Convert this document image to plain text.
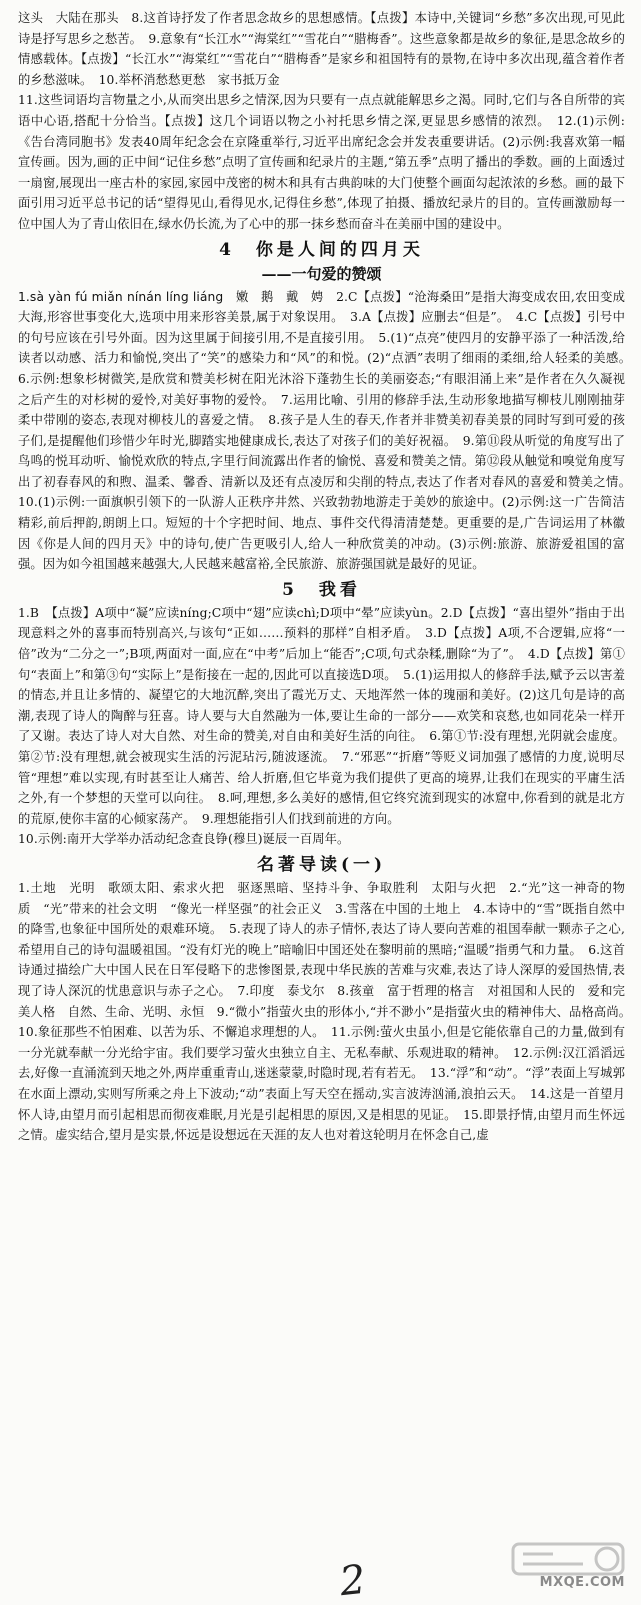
这头　大陆在那头　8.这首诗抒发了作者思念故乡的思想感情。【点拨】本诗中,关键词“乡愁”多次出现,可见此诗是抒写思乡之愁苦。　9.意象有“长江水”“海棠红”“雪花白”“腊梅香”。这些意象都是故乡的象征,是思念故乡的情感载体。【点拨】“长江水”“海棠红”“雪花白”“腊梅香”是家乡和祖国特有的景物,在诗中多次出现,蕴含着作者的乡愁滋味。　10.举杯消愁愁更愁　家书抵万金

11.这些词语均言物量之小,从而突出思乡之情深,因为只要有一点点就能解思乡之渴。同时,它们与各自所带的宾语中心语,搭配十分恰当。【点拨】这几个词语以物之小衬托思乡情之深,更显思乡感情的浓烈。　12.(1)示例:《告台湾同胞书》发表40周年纪念会在京隆重举行,习近平出席纪念会并发表重要讲话。(2)示例:我喜欢第一幅宣传画。因为,画的正中间“记住乡愁”点明了宣传画和纪录片的主题,“第五季”点明了播出的季数。画的上面透过一扇窗,展现出一座古朴的家园,家园中茂密的树木和具有古典韵味的大门使整个画面勾起浓浓的乡愁。画的最下面引用习近平总书记的话“望得见山,看得见水,记得住乡愁”,体现了拍摄、播放纪录片的目的。宣传画激励每一位中国人为了青山依旧在,绿水仍长流,为了心中的那一抹乡愁而奋斗在美丽中国的建设中。

4　你是人间的四月天
——一句爱的赞颂

1.sà yàn fú miǎn nínán líng liáng　嫩　鹅　戴　娉　2.C【点拨】“沧海桑田”是指大海变成农田,农田变成大海,形容世事变化大,选项中用来形容美景,属于对象误用。　3.A【点拨】应删去“但是”。　4.C【点拨】引号中的句号应该在引号外面。因为这里属于间接引用,不是直接引用。　5.(1)“点亮”使四月的安静平添了一种活泼,给读者以动感、活力和愉悦,突出了“笑”的感染力和“风”的和悦。(2)“点洒”表明了细雨的柔细,给人轻柔的美感。　6.示例:想象杉树微笑,是欣赏和赞美杉树在阳光沐浴下蓬勃生长的美丽姿态;“有眼泪涌上来”是作者在久久凝视之后产生的对杉树的爱怜,对美好事物的爱怜。　7.运用比喻、引用的修辞手法,生动形象地描写柳枝儿刚刚抽芽柔中带刚的姿态,表现对柳枝儿的喜爱之情。　8.孩子是人生的春天,作者并非赞美初春美景的同时写到可爱的孩子们,是提醒他们珍惜少年时光,脚踏实地健康成长,表达了对孩子们的美好祝福。　9.第⑪段从听觉的角度写出了鸟鸣的悦耳动听、愉悦欢欣的特点,字里行间流露出作者的愉悦、喜爱和赞美之情。第⑫段从触觉和嗅觉角度写出了初春春风的和煦、温柔、馨香、清新以及还有点凌厉和尖削的特点,表达了作者对春风的喜爱和赞美之情。　10.(1)示例:一面旗帜引领下的一队游人正秩序井然、兴致勃勃地游走于美妙的旅途中。(2)示例:这一广告简洁精彩,前后押韵,朗朗上口。短短的十个字把时间、地点、事件交代得清清楚楚。更重要的是,广告词运用了林徽因《你是人间的四月天》中的诗句,使广告更吸引人,给人一种欣赏美的冲动。(3)示例:旅游、旅游爱祖国的富强。因为如今祖国越来越强大,人民越来越富裕,全民旅游、旅游强国就是最好的见证。

5　我看

1.B　【点拨】A项中“凝”应读níng;C项中“翅”应读chì;D项中“晕”应读yùn。2.D【点拨】“喜出望外”指由于出现意料之外的喜事而特别高兴,与该句“正如……预料的那样”自相矛盾。　3.D【点拨】A项,不合逻辑,应将“一倍”改为“二分之一”;B项,两面对一面,应在“中考”后加上“能否”;C项,句式杂糅,删除“为了”。　4.D【点拨】第①句“表面上”和第③句“实际上”是衔接在一起的,因此可以直接选D项。　5.(1)运用拟人的修辞手法,赋予云以害羞的情态,并且让多情的、凝望它的大地沉醉,突出了霞光万丈、天地浑然一体的瑰丽和美好。(2)这几句是诗的高潮,表现了诗人的陶醉与狂喜。诗人要与大自然融为一体,要让生命的一部分——欢笑和哀愁,也如同花朵一样开了又谢。表达了诗人对大自然、对生命的赞美,对自由和美好生活的向往。　6.第①节:没有理想,光阴就会虚度。第②节:没有理想,就会被现实生活的污泥玷污,随波逐流。　7.“邪恶”“折磨”等贬义词加强了感情的力度,说明尽管“理想”难以实现,有时甚至让人痛苦、给人折磨,但它毕竟为我们提供了更高的境界,让我们在现实的平庸生活之外,有一个梦想的天堂可以向往。　8.呵,理想,多么美好的感情,但它终究流到现实的冰窟中,你看到的就是北方的荒原,使你丰富的心倾家荡产。　9.理想能指引人们找到前进的方向。

10.示例:南开大学举办活动纪念查良铮(穆旦)诞辰一百周年。

名著导读(一)

1.土地　光明　歌颂太阳、索求火把　驱逐黑暗、坚持斗争、争取胜利　太阳与火把　2.“光”这一神奇的物质　“光”带来的社会文明　“像光一样坚强”的社会正义　3.雪落在中国的土地上　4.本诗中的“雪”既指自然中的降雪,也象征中国所处的艰难环境。　5.表现了诗人的赤子情怀,表达了诗人要向苦难的祖国奉献一颗赤子之心,希望用自己的诗句温暖祖国。“没有灯光的晚上”暗喻旧中国还处在黎明前的黑暗;“温暖”指勇气和力量。　6.这首诗通过描绘广大中国人民在日军侵略下的悲惨图景,表现中华民族的苦难与灾难,表达了诗人深厚的爱国热情,表现了诗人深沉的忧患意识与赤子之心。　7.印度　泰戈尔　8.孩童　富于哲理的格言　对祖国和人民的　爱和完美人格　自然、生命、光明、永恒　9.“微小”指萤火虫的形体小,“并不渺小”是指萤火虫的精神伟大、品格高尚。　10.象征那些不怕困难、以苦为乐、不懈追求理想的人。　11.示例:萤火虫虽小,但是它能依靠自己的力量,做到有一分光就奉献一分光给宇宙。我们要学习萤火虫独立自主、无私奉献、乐观进取的精神。　12.示例:汉江滔滔远去,好像一直涌流到天地之外,两岸重重青山,迷迷蒙蒙,时隐时现,若有若无。　13.“浮”和“动”。“浮”表面上写城郭在水面上漂动,实则写所乘之舟上下波动;“动”表面上写天空在摇动,实言波涛汹涌,浪拍云天。　14.这是一首望月怀人诗,由望月而引起相思而彻夜难眠,月光是引起相思的原因,又是相思的见证。　15.即景抒情,由望月而生怀远之情。虚实结合,望月是实景,怀远是设想远在天涯的友人也对着这轮明月在怀念自己,虚

2	MXQE.COM
